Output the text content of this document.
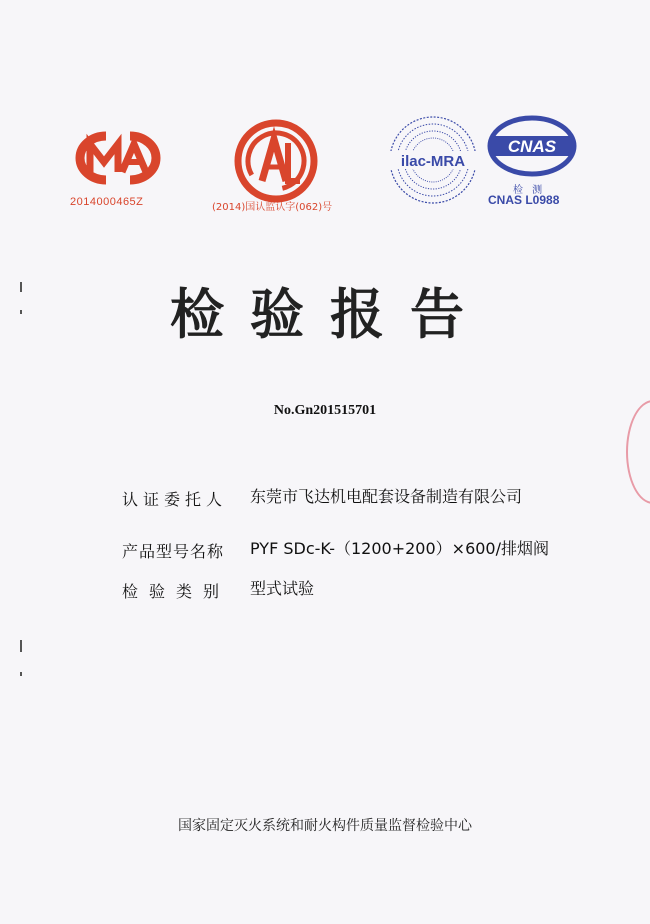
2014000465Z	(2014)国认监认字(062)号
ilac-MRA
CNAS
检 测
CNAS L0988
检验报告
No.Gn201515701
认证委托人	东莞市飞达机电配套设备制造有限公司
产品型号名称	PYF SDc-K-（1200+200）×600/排烟阀
检验类别	型式试验
国家固定灭火系统和耐火构件质量监督检验中心
